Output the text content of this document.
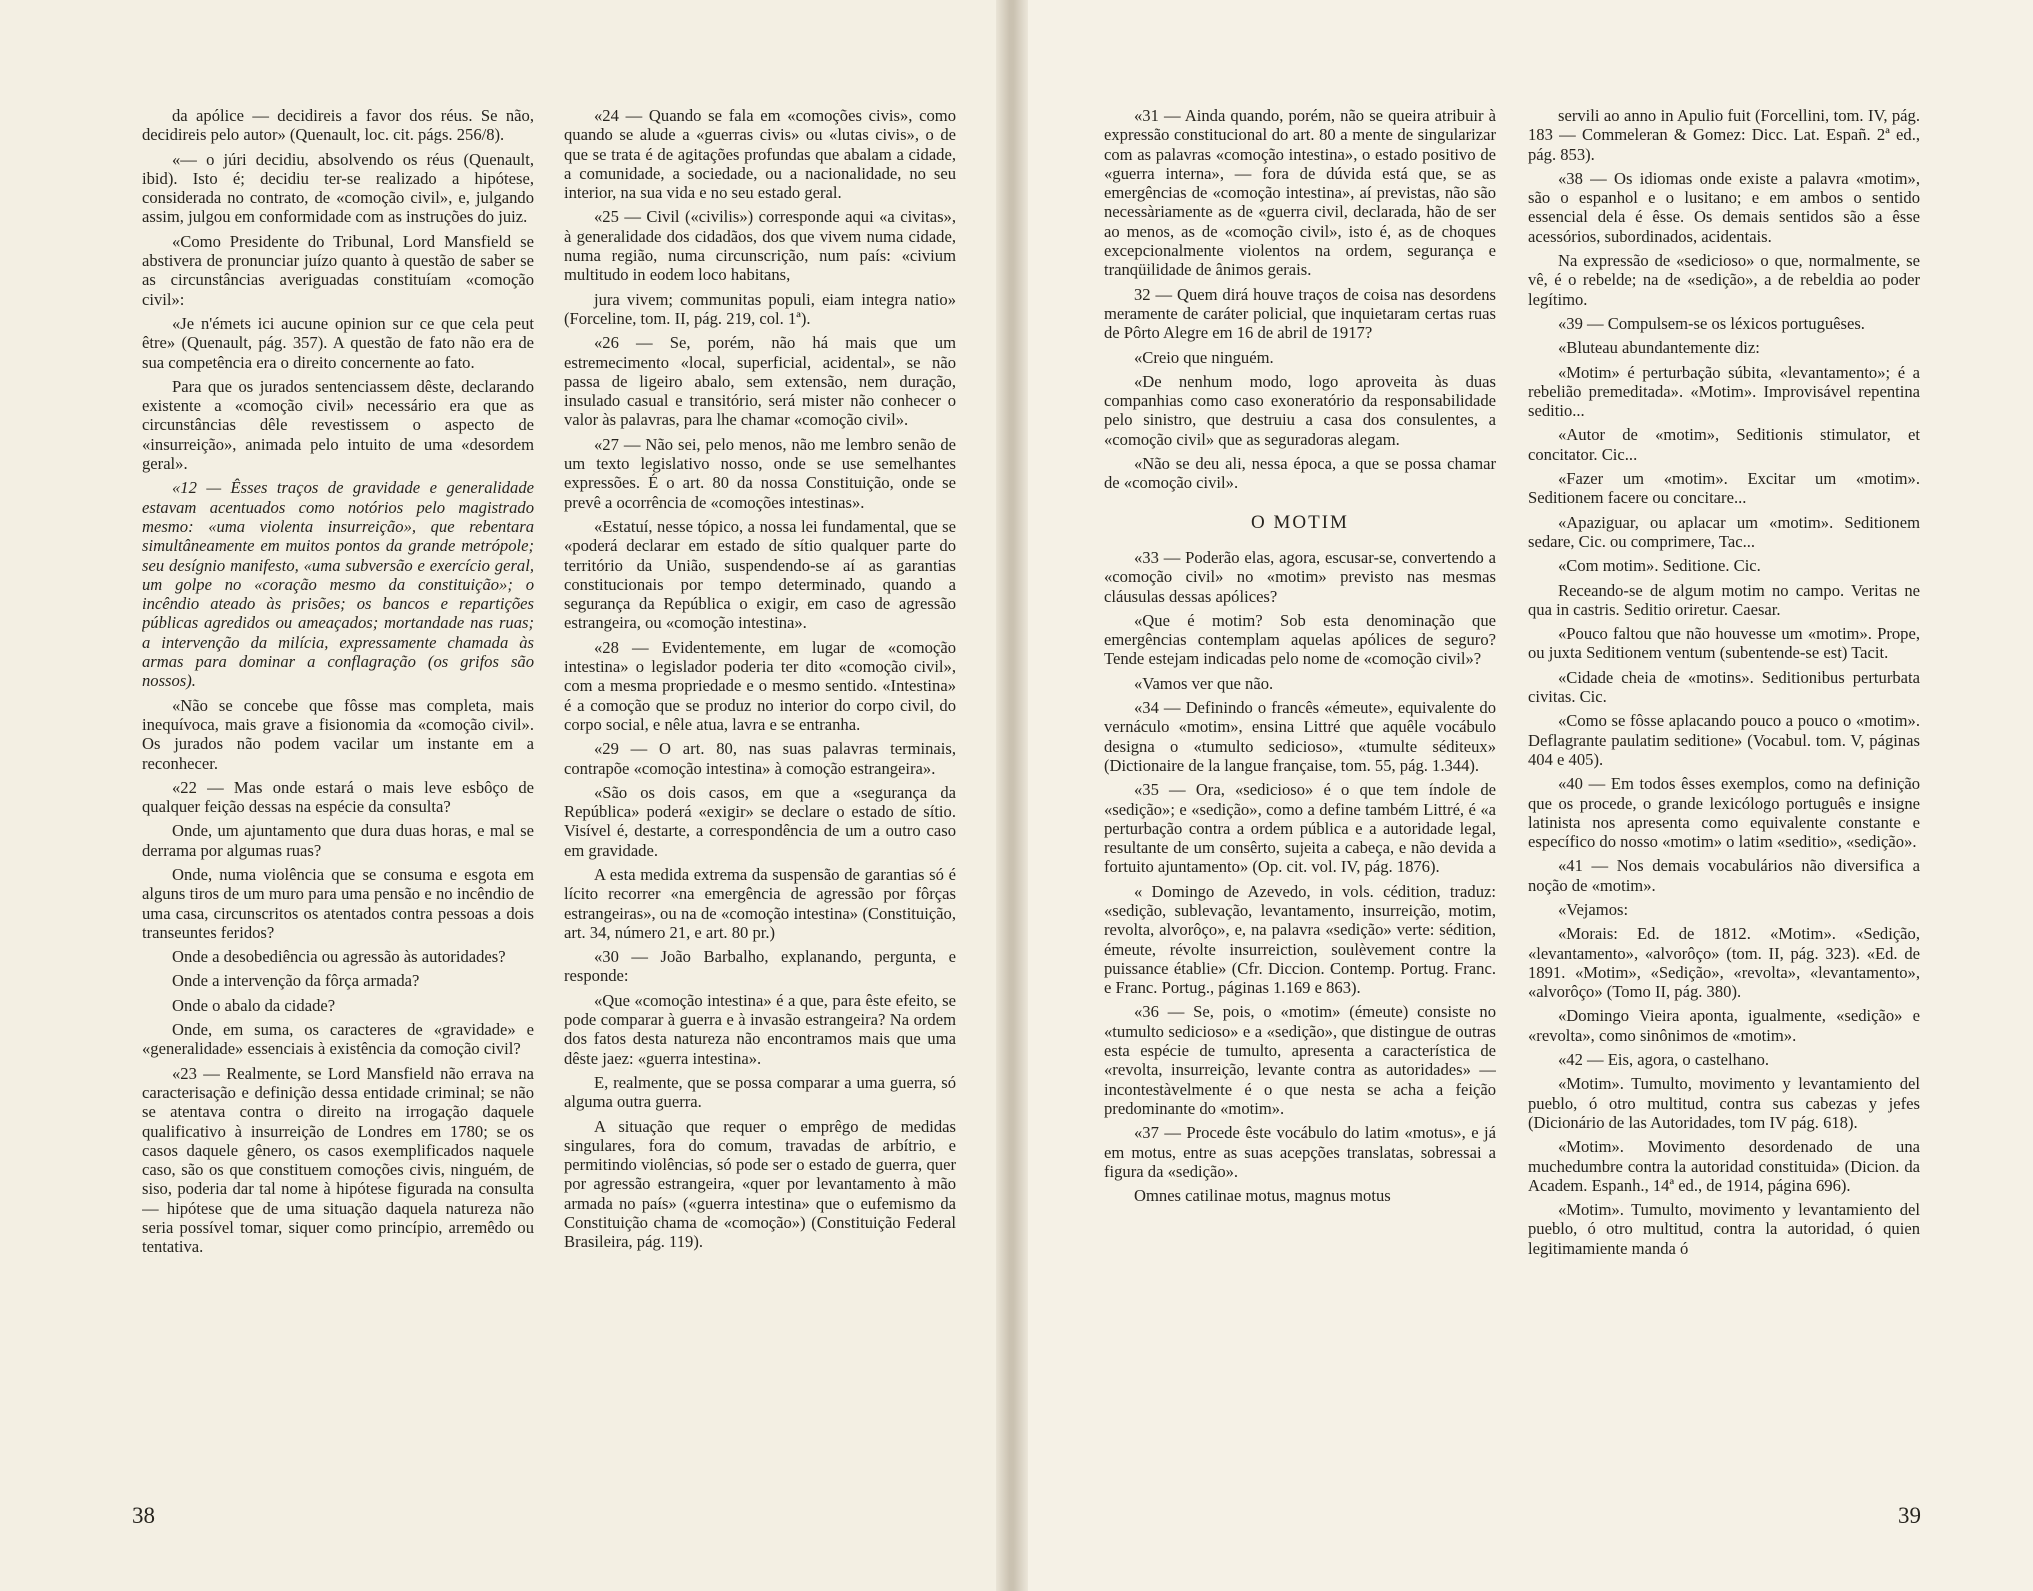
da apólice — decidireis a favor dos réus. Se não, decidireis pelo autor» (Quenault, loc. cit. págs. 256/8).

«— o júri decidiu, absolvendo os réus (Quenault, ibid). Isto é; decidiu ter-se realizado a hipótese, considerada no contrato, de «comoção civil», e, julgando assim, julgou em conformidade com as instruções do juiz.

«Como Presidente do Tribunal, Lord Mansfield se abstivera de pronunciar juízo quanto à questão de saber se as circunstâncias averiguadas constituíam «comoção civil»:

«Je n'émets ici aucune opinion sur ce que cela peut être» (Quenault, pág. 357). A questão de fato não era de sua competência era o direito concernente ao fato.

Para que os jurados sentenciassem dêste, declarando existente a «comoção civil» necessário era que as circunstâncias dêle revestissem o aspecto de «insurreição», animada pelo intuito de uma «desordem geral».

«12 — Êsses traços de gravidade e generalidade estavam acentuados como notórios pelo magistrado mesmo: «uma violenta insurreição», que rebentara simultâneamente em muitos pontos da grande metrópole; seu desígnio manifesto, «uma subversão e exercício geral, um golpe no «coração mesmo da constituição»; o incêndio ateado às prisões; os bancos e repartições públicas agredidos ou ameaçados; mortandade nas ruas; a intervenção da milícia, expressamente chamada às armas para dominar a conflagração (os grifos são nossos).

«Não se concebe que fôsse mas completa, mais inequívoca, mais grave a fisionomia da «comoção civil». Os jurados não podem vacilar um instante em a reconhecer.

«22 — Mas onde estará o mais leve esbôço de qualquer feição dessas na espécie da consulta?

Onde, um ajuntamento que dura duas horas, e mal se derrama por algumas ruas?

Onde, numa violência que se consuma e esgota em alguns tiros de um muro para uma pensão e no incêndio de uma casa, circunscritos os atentados contra pessoas a dois transeuntes feridos?

Onde a desobediência ou agressão às autoridades?

Onde a intervenção da fôrça armada?

Onde o abalo da cidade?

Onde, em suma, os caracteres de «gravidade» e «generalidade» essenciais à existência da comoção civil?

«23 — Realmente, se Lord Mansfield não errava na caracterisação e definição dessa entidade criminal; se não se atentava contra o direito na irrogação daquele qualificativo à insurreição de Londres em 1780; se os casos daquele gênero, os casos exemplificados naquele caso, são os que constituem comoções civis, ninguém, de siso, poderia dar tal nome à hipótese figurada na consulta — hipótese que de uma situação daquela natureza não seria possível tomar, siquer como princípio, arremêdo ou tentativa.

«24 — Quando se fala em «comoções civis», como quando se alude a «guerras civis» ou «lutas civis», o de que se trata é de agitações profundas que abalam a cidade, a comunidade, a sociedade, ou a nacionalidade, no seu interior, na sua vida e no seu estado geral.

«25 — Civil («civilis») corresponde aqui «a civitas», à generalidade dos cidadãos, dos que vivem numa cidade, numa região, numa circunscrição, num país: «civium multitudo in eodem loco habitans,

jura vivem; communitas populi, eiam integra natio» (Forceline, tom. II, pág. 219, col. 1ª).

«26 — Se, porém, não há mais que um estremecimento «local, superficial, acidental», se não passa de ligeiro abalo, sem extensão, nem duração, insulado casual e transitório, será mister não conhecer o valor às palavras, para lhe chamar «comoção civil».

«27 — Não sei, pelo menos, não me lembro senão de um texto legislativo nosso, onde se use semelhantes expressões. É o art. 80 da nossa Constituição, onde se prevê a ocorrência de «comoções intestinas».

«Estatuí, nesse tópico, a nossa lei fundamental, que se «poderá declarar em estado de sítio qualquer parte do território da União, suspendendo-se aí as garantias constitucionais por tempo determinado, quando a segurança da República o exigir, em caso de agressão estrangeira, ou «comoção intestina».

«28 — Evidentemente, em lugar de «comoção intestina» o legislador poderia ter dito «comoção civil», com a mesma propriedade e o mesmo sentido. «Intestina» é a comoção que se produz no interior do corpo civil, do corpo social, e nêle atua, lavra e se entranha.

«29 — O art. 80, nas suas palavras terminais, contrapõe «comoção intestina» à comoção estrangeira».

«São os dois casos, em que a «segurança da República» poderá «exigir» se declare o estado de sítio. Visível é, destarte, a correspondência de um a outro caso em gravidade.

A esta medida extrema da suspensão de garantias só é lícito recorrer «na emergência de agressão por fôrças estrangeiras», ou na de «comoção intestina» (Constituição, art. 34, número 21, e art. 80 pr.)

«30 — João Barbalho, explanando, pergunta, e responde:

«Que «comoção intestina» é a que, para êste efeito, se pode comparar à guerra e à invasão estrangeira? Na ordem dos fatos desta natureza não encontramos mais que uma dêste jaez: «guerra intestina».

E, realmente, que se possa comparar a uma guerra, só alguma outra guerra.

A situação que requer o emprêgo de medidas singulares, fora do comum, travadas de arbítrio, e permitindo violências, só pode ser o estado de guerra, quer por agressão estrangeira, «quer por levantamento à mão armada no país» («guerra intestina» que o eufemismo da Constituição chama de «comoção») (Constituição Federal Brasileira, pág. 119).

38

«31 — Ainda quando, porém, não se queira atribuir à expressão constitucional do art. 80 a mente de singularizar com as palavras «comoção intestina», o estado positivo de «guerra interna», — fora de dúvida está que, se as emergências de «comoção intestina», aí previstas, não são necessàriamente as de «guerra civil, declarada, hão de ser ao menos, as de «comoção civil», isto é, as de choques excepcionalmente violentos na ordem, segurança e tranqüilidade de ânimos gerais.

32 — Quem dirá houve traços de coisa nas desordens meramente de caráter policial, que inquietaram certas ruas de Pôrto Alegre em 16 de abril de 1917?

«Creio que ninguém.

«De nenhum modo, logo aproveita às duas companhias como caso exoneratório da responsabilidade pelo sinistro, que destruiu a casa dos consulentes, a «comoção civil» que as seguradoras alegam.

«Não se deu ali, nessa época, a que se possa chamar de «comoção civil».

O MOTIM

«33 — Poderão elas, agora, escusar-se, convertendo a «comoção civil» no «motim» previsto nas mesmas cláusulas dessas apólices?

«Que é motim? Sob esta denominação que emergências contemplam aquelas apólices de seguro? Tende estejam indicadas pelo nome de «comoção civil»?

«Vamos ver que não.

«34 — Definindo o francês «émeute», equivalente do vernáculo «motim», ensina Littré que aquêle vocábulo designa o «tumulto sedicioso», «tumulte séditeux» (Dictionaire de la langue française, tom. 55, pág. 1.344).

«35 — Ora, «sedicioso» é o que tem índole de «sedição»; e «sedição», como a define também Littré, é «a perturbação contra a ordem pública e a autoridade legal, resultante de um consêrto, sujeita a cabeça, e não devida a fortuito ajuntamento» (Op. cit. vol. IV, pág. 1876).

« Domingo de Azevedo, in vols. cédition, traduz: «sedição, sublevação, levantamento, insurreição, motim, revolta, alvorôço», e, na palavra «sedição» verte: sédition, émeute, révolte insurreiction, soulèvement contre la puissance établie» (Cfr. Diccion. Contemp. Portug. Franc. e Franc. Portug., páginas 1.169 e 863).

«36 — Se, pois, o «motim» (émeute) consiste no «tumulto sedicioso» e a «sedição», que distingue de outras esta espécie de tumulto, apresenta a característica de «revolta, insurreição, levante contra as autoridades» — incontestàvelmente é o que nesta se acha a feição predominante do «motim».

«37 — Procede êste vocábulo do latim «motus», e já em motus, entre as suas acepções translatas, sobressai a figura da «sedição».

Omnes catilinae motus, magnus motus

servili ao anno in Apulio fuit (Forcellini, tom. IV, pág. 183 — Commeleran & Gomez: Dicc. Lat. Españ. 2ª ed., pág. 853).

«38 — Os idiomas onde existe a palavra «motim», são o espanhol e o lusitano; e em ambos o sentido essencial dela é êsse. Os demais sentidos são a êsse acessórios, subordinados, acidentais.

Na expressão de «sedicioso» o que, normalmente, se vê, é o rebelde; na de «sedição», a de rebeldia ao poder legítimo.

«39 — Compulsem-se os léxicos portuguêses.

«Bluteau abundantemente diz:

«Motim» é perturbação súbita, «levantamento»; é a rebelião premeditada». «Motim». Improvisável repentina seditio...

«Autor de «motim», Seditionis stimulator, et concitator. Cic...

«Fazer um «motim». Excitar um «motim». Seditionem facere ou concitare...

«Apaziguar, ou aplacar um «motim». Seditionem sedare, Cic. ou comprimere, Tac...

«Com motim». Seditione. Cic.

Receando-se de algum motim no campo. Veritas ne qua in castris. Seditio oriretur. Caesar.

«Pouco faltou que não houvesse um «motim». Prope, ou juxta Seditionem ventum (subentende-se est) Tacit.

«Cidade cheia de «motins». Seditionibus perturbata civitas. Cic.

«Como se fôsse aplacando pouco a pouco o «motim». Deflagrante paulatim seditione» (Vocabul. tom. V, páginas 404 e 405).

«40 — Em todos êsses exemplos, como na definição que os procede, o grande lexicólogo português e insigne latinista nos apresenta como equivalente constante e específico do nosso «motim» o latim «seditio», «sedição».

«41 — Nos demais vocabulários não diversifica a noção de «motim».

«Vejamos:

«Morais: Ed. de 1812. «Motim». «Sedição, «levantamento», «alvorôço» (tom. II, pág. 323). «Ed. de 1891. «Motim», «Sedição», «revolta», «levantamento», «alvorôço» (Tomo II, pág. 380).

«Domingo Vieira aponta, igualmente, «sedição» e «revolta», como sinônimos de «motim».

«42 — Eis, agora, o castelhano.

«Motim». Tumulto, movimento y levantamiento del pueblo, ó otro multitud, contra sus cabezas y jefes (Dicionário de las Autoridades, tom IV pág. 618).

«Motim». Movimento desordenado de una muchedumbre contra la autoridad constituida» (Dicion. da Academ. Espanh., 14ª ed., de 1914, página 696).

«Motim». Tumulto, movimento y levantamiento del pueblo, ó otro multitud, contra la autoridad, ó quien legitimamiente manda ó

39
